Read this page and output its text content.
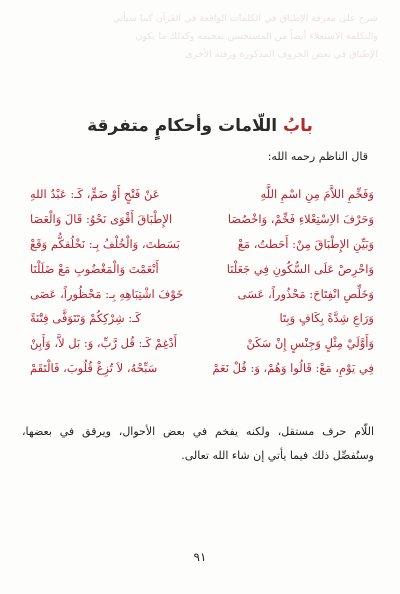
شرح على معرفة الإطباق في الكلمات الواقعة في القرآن كما سيأتي
والتكلمة الاستعلاء أيضاً من المستحسن تفخيمه وكذلك ما يكون
الإطباق في بعض الحروف المذكورة ورقته الأخرى
بابُ اللّامات وأحكامٍ متفرقة
قال الناظم رحمه الله:
وَفَخِّمِ اللاَّمَ مِنِ اسْمِ اللَّهِ
عَنْ فَتْحٍ أَوْ ضَمٍّ، كَـ: عَبْدُ اللهِ
وَحَرْفَ الاِسْتِعْلاءِ فَخِّمْ، وَاخْصُصَا
الإِطْبَاقَ أَقْوَى نَحْوُ: قَالَ وَالْعَصَا
وَبَيِّنِ الإِطْبَاقَ مِنْ: أَحَطتُ، مَعْ
بَسَطتَ، وَالْخُلْفُ بِـ: نَخْلُقكُّم وَقَعْ
وَاحْرِصْ عَلَى السُّكُونِ فِي جَعَلْنَا
أَنْعَمْتَ وَالْمَغْضُوبِ مَعْ ضَلَلْنَا
وَخَلِّصِ انْفِتَاحَ: مَحْذُوراً، عَسَى
خَوْفَ اشْتِبَاهِهِ بِـ: مَحْظُوراً، عَصَى
وَرَاعِ شِدَّةً بِكَافٍ وَبِتَا
كَـ: شِرْكِكُمْ وَتَتَوَفَّى فِتْنَةً
وَأَوَّلَيْ مِثْلٍ وَجِنْسٍ إِنْ سَكَنْ
أَدْغِمْ كَـ: قُل رَّبِّ، وَ: بَل لاَّ، وَأَبِنْ
فِي يَوْمِ، مَعْ: قَالُوا وَهُمْ، وَ: قُلْ نَعَمْ
سَبِّحْهُ، لاَ تُزِغْ قُلُوبَ، فَالْتَقَمْ
اللّام حرف مستقل، ولكنه يفخم في بعض الأحوال، ويرقق في بعضها، وسنُفصِّل ذلك فيما يأتي إن شاء الله تعالى.
٩١
